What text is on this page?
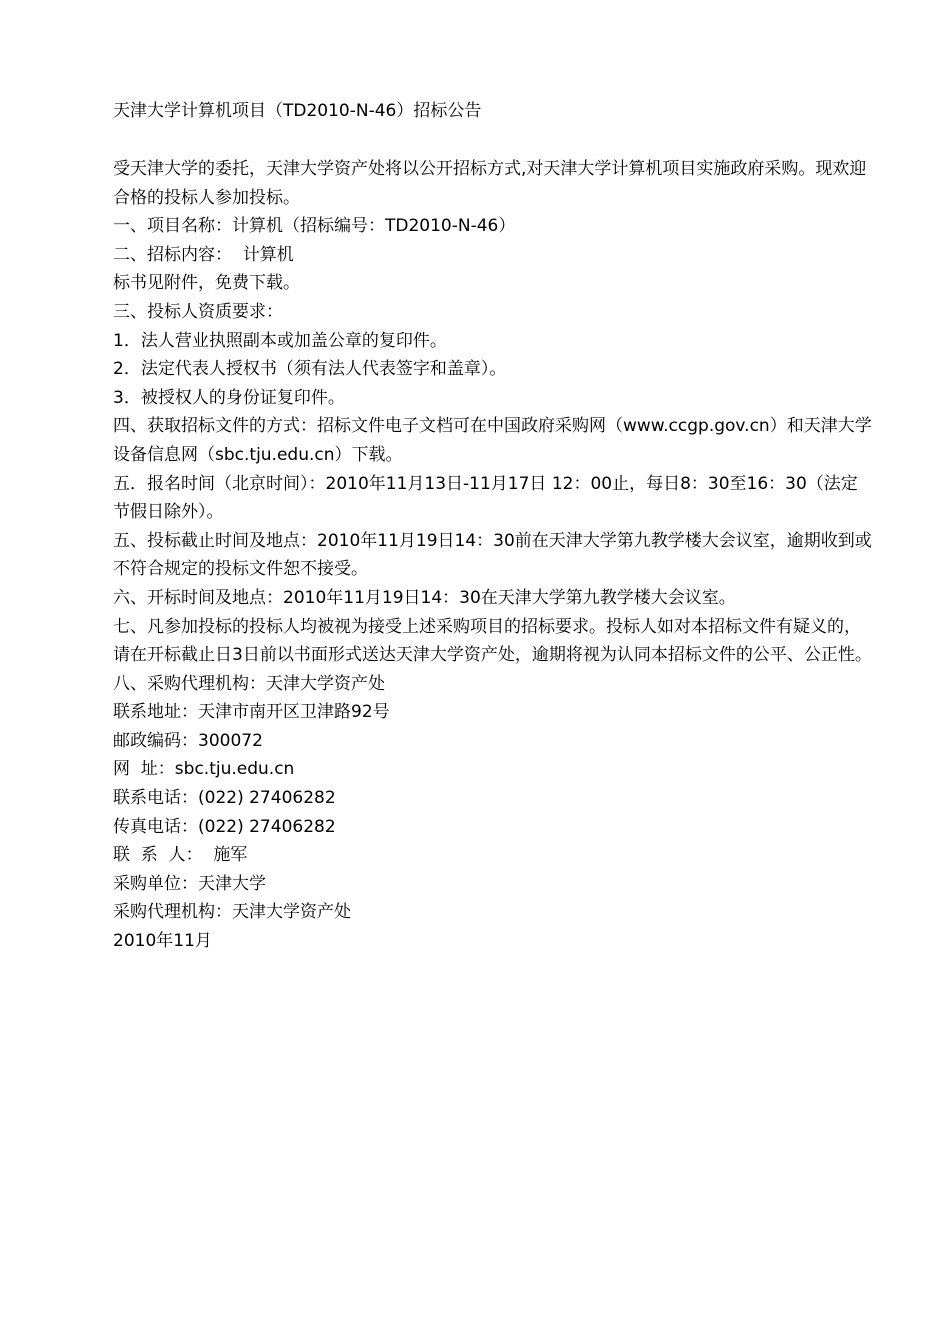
天津大学计算机项目（TD2010-N-46）招标公告

受天津大学的委托，天津大学资产处将以公开招标方式,对天津大学计算机项目实施政府采购。现欢迎合格的投标人参加投标。

一、项目名称：计算机（招标编号：TD2010-N-46）

二、招标内容：  计算机

标书见附件，免费下载。

三、投标人资质要求：

1．法人营业执照副本或加盖公章的复印件。

2．法定代表人授权书（须有法人代表签字和盖章）。

3．被授权人的身份证复印件。

四、获取招标文件的方式：招标文件电子文档可在中国政府采购网（www.ccgp.gov.cn）和天津大学设备信息网（sbc.tju.edu.cn）下载。

五．报名时间（北京时间）：2010年11月13日-11月17日 12：00止，每日8：30至16：30（法定节假日除外）。

五、投标截止时间及地点：2010年11月19日14：30前在天津大学第九教学楼大会议室，逾期收到或不符合规定的投标文件恕不接受。

六、开标时间及地点：2010年11月19日14：30在天津大学第九教学楼大会议室。

七、凡参加投标的投标人均被视为接受上述采购项目的招标要求。投标人如对本招标文件有疑义的，请在开标截止日3日前以书面形式送达天津大学资产处，逾期将视为认同本招标文件的公平、公正性。

八、采购代理机构：天津大学资产处

联系地址：天津市南开区卫津路92号

邮政编码：300072

网  址：sbc.tju.edu.cn

联系电话：(022) 27406282

传真电话：(022) 27406282

联  系  人：  施军

采购单位：天津大学

采购代理机构：天津大学资产处

2010年11月
